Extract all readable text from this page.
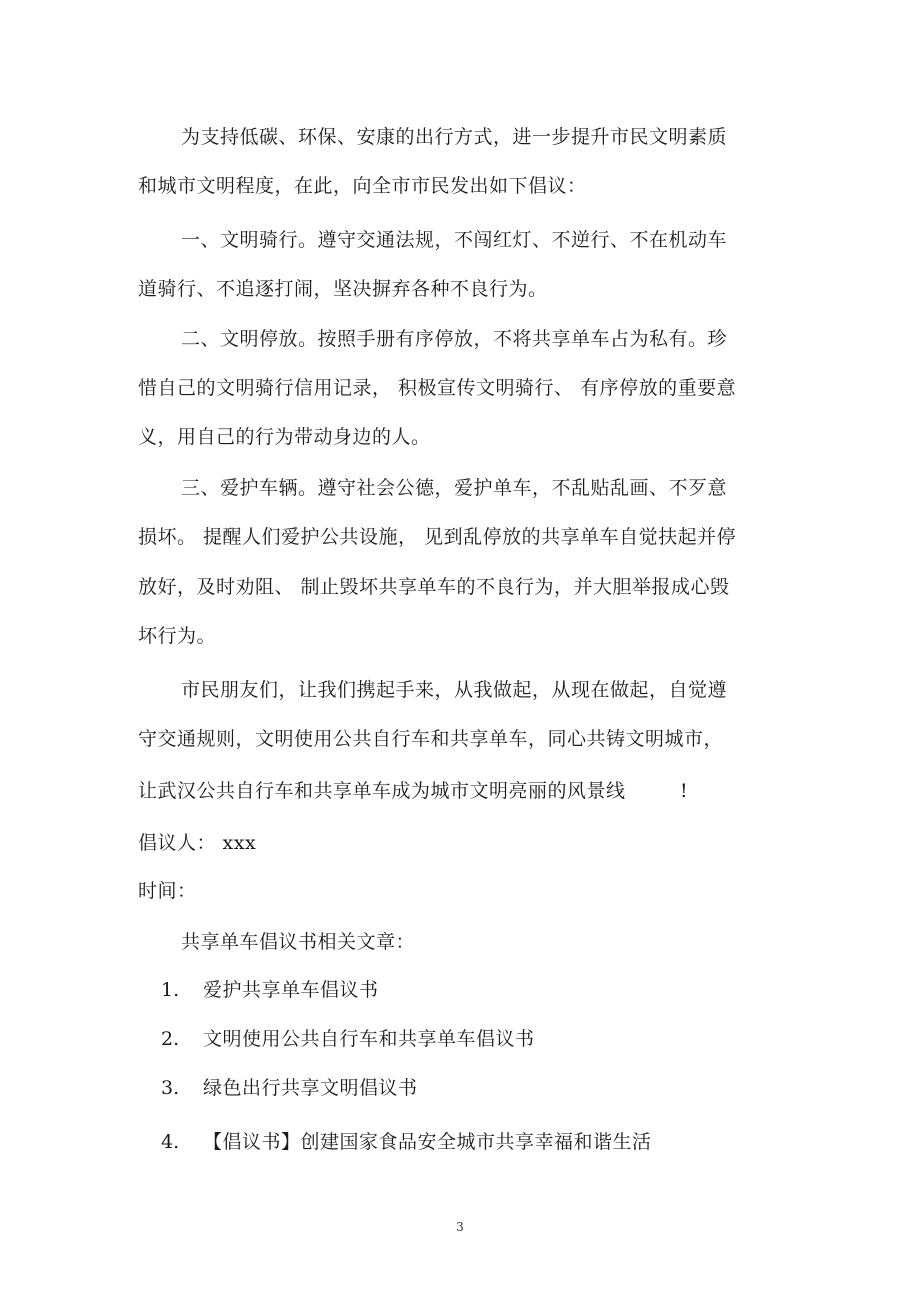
为支持低碳、环保、安康的出行方式，进一步提升市民文明素质
和城市文明程度，在此，向全市市民发出如下倡议：
一、文明骑行。遵守交通法规，不闯红灯、不逆行、不在机动车
道骑行、不追逐打闹，坚决摒弃各种不良行为。
二、文明停放。按照手册有序停放，不将共享单车占为私有。珍
惜自己的文明骑行信用记录， 积极宣传文明骑行、 有序停放的重要意
义，用自己的行为带动身边的人。
三、爱护车辆。遵守社会公德，爱护单车，不乱贴乱画、不歹意
损坏。 提醒人们爱护公共设施， 见到乱停放的共享单车自觉扶起并停
放好，及时劝阻、 制止毁坏共享单车的不良行为，并大胆举报成心毁
坏行为。
市民朋友们，让我们携起手来，从我做起，从现在做起，自觉遵
守交通规则，文明使用公共自行车和共享单车，同心共铸文明城市，
让武汉公共自行车和共享单车成为城市文明亮丽的风景线	!
倡议人： xxx
时间：
共享单车倡议书相关文章：
1. 爱护共享单车倡议书
2. 文明使用公共自行车和共享单车倡议书
3. 绿色出行共享文明倡议书
4. 【倡议书】创建国家食品安全城市共享幸福和谐生活
3
